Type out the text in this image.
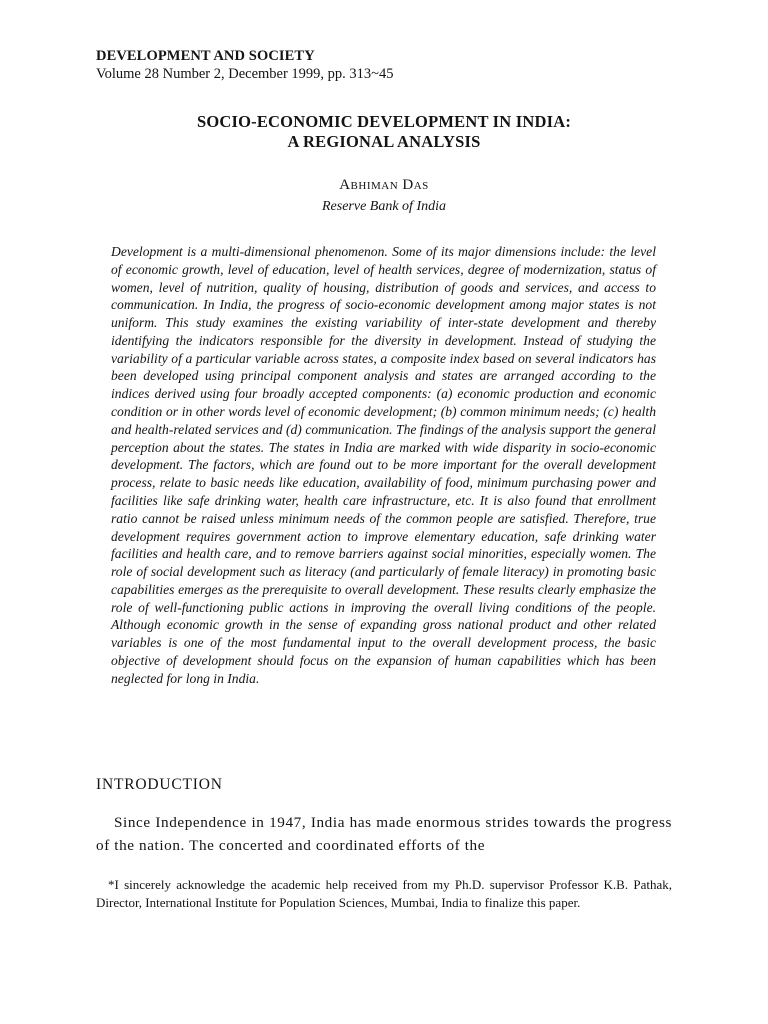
DEVELOPMENT AND SOCIETY
Volume 28 Number 2, December 1999, pp. 313~45
SOCIO-ECONOMIC DEVELOPMENT IN INDIA:
A REGIONAL ANALYSIS
Abhiman Das
Reserve Bank of India

Development is a multi-dimensional phenomenon. Some of its major dimensions include: the level of economic growth, level of education, level of health services, degree of modernization, status of women, level of nutrition, quality of housing, distribution of goods and services, and access to communication. In India, the progress of socio-economic development among major states is not uniform. This study examines the existing variability of inter-state development and thereby identifying the indicators responsible for the diversity in development. Instead of studying the variability of a particular variable across states, a composite index based on several indicators has been developed using principal component analysis and states are arranged according to the indices derived using four broadly accepted components: (a) economic production and economic condition or in other words level of economic development; (b) common minimum needs; (c) health and health-related services and (d) communication. The findings of the analysis support the general perception about the states. The states in India are marked with wide disparity in socio-economic development. The factors, which are found out to be more important for the overall development process, relate to basic needs like education, availability of food, minimum purchasing power and facilities like safe drinking water, health care infrastructure, etc. It is also found that enrollment ratio cannot be raised unless minimum needs of the common people are satisfied. Therefore, true development requires government action to improve elementary education, safe drinking water facilities and health care, and to remove barriers against social minorities, especially women. The role of social development such as literacy (and particularly of female literacy) in promoting basic capabilities emerges as the prerequisite to overall development. These results clearly emphasize the role of well-functioning public actions in improving the overall living conditions of the people. Although economic growth in the sense of expanding gross national product and other related variables is one of the most fundamental input to the overall development process, the basic objective of development should focus on the expansion of human capabilities which has been neglected for long in India.

INTRODUCTION

Since Independence in 1947, India has made enormous strides towards the progress of the nation. The concerted and coordinated efforts of the

*I sincerely acknowledge the academic help received from my Ph.D. supervisor Professor K.B. Pathak, Director, International Institute for Population Sciences, Mumbai, India to finalize this paper.
